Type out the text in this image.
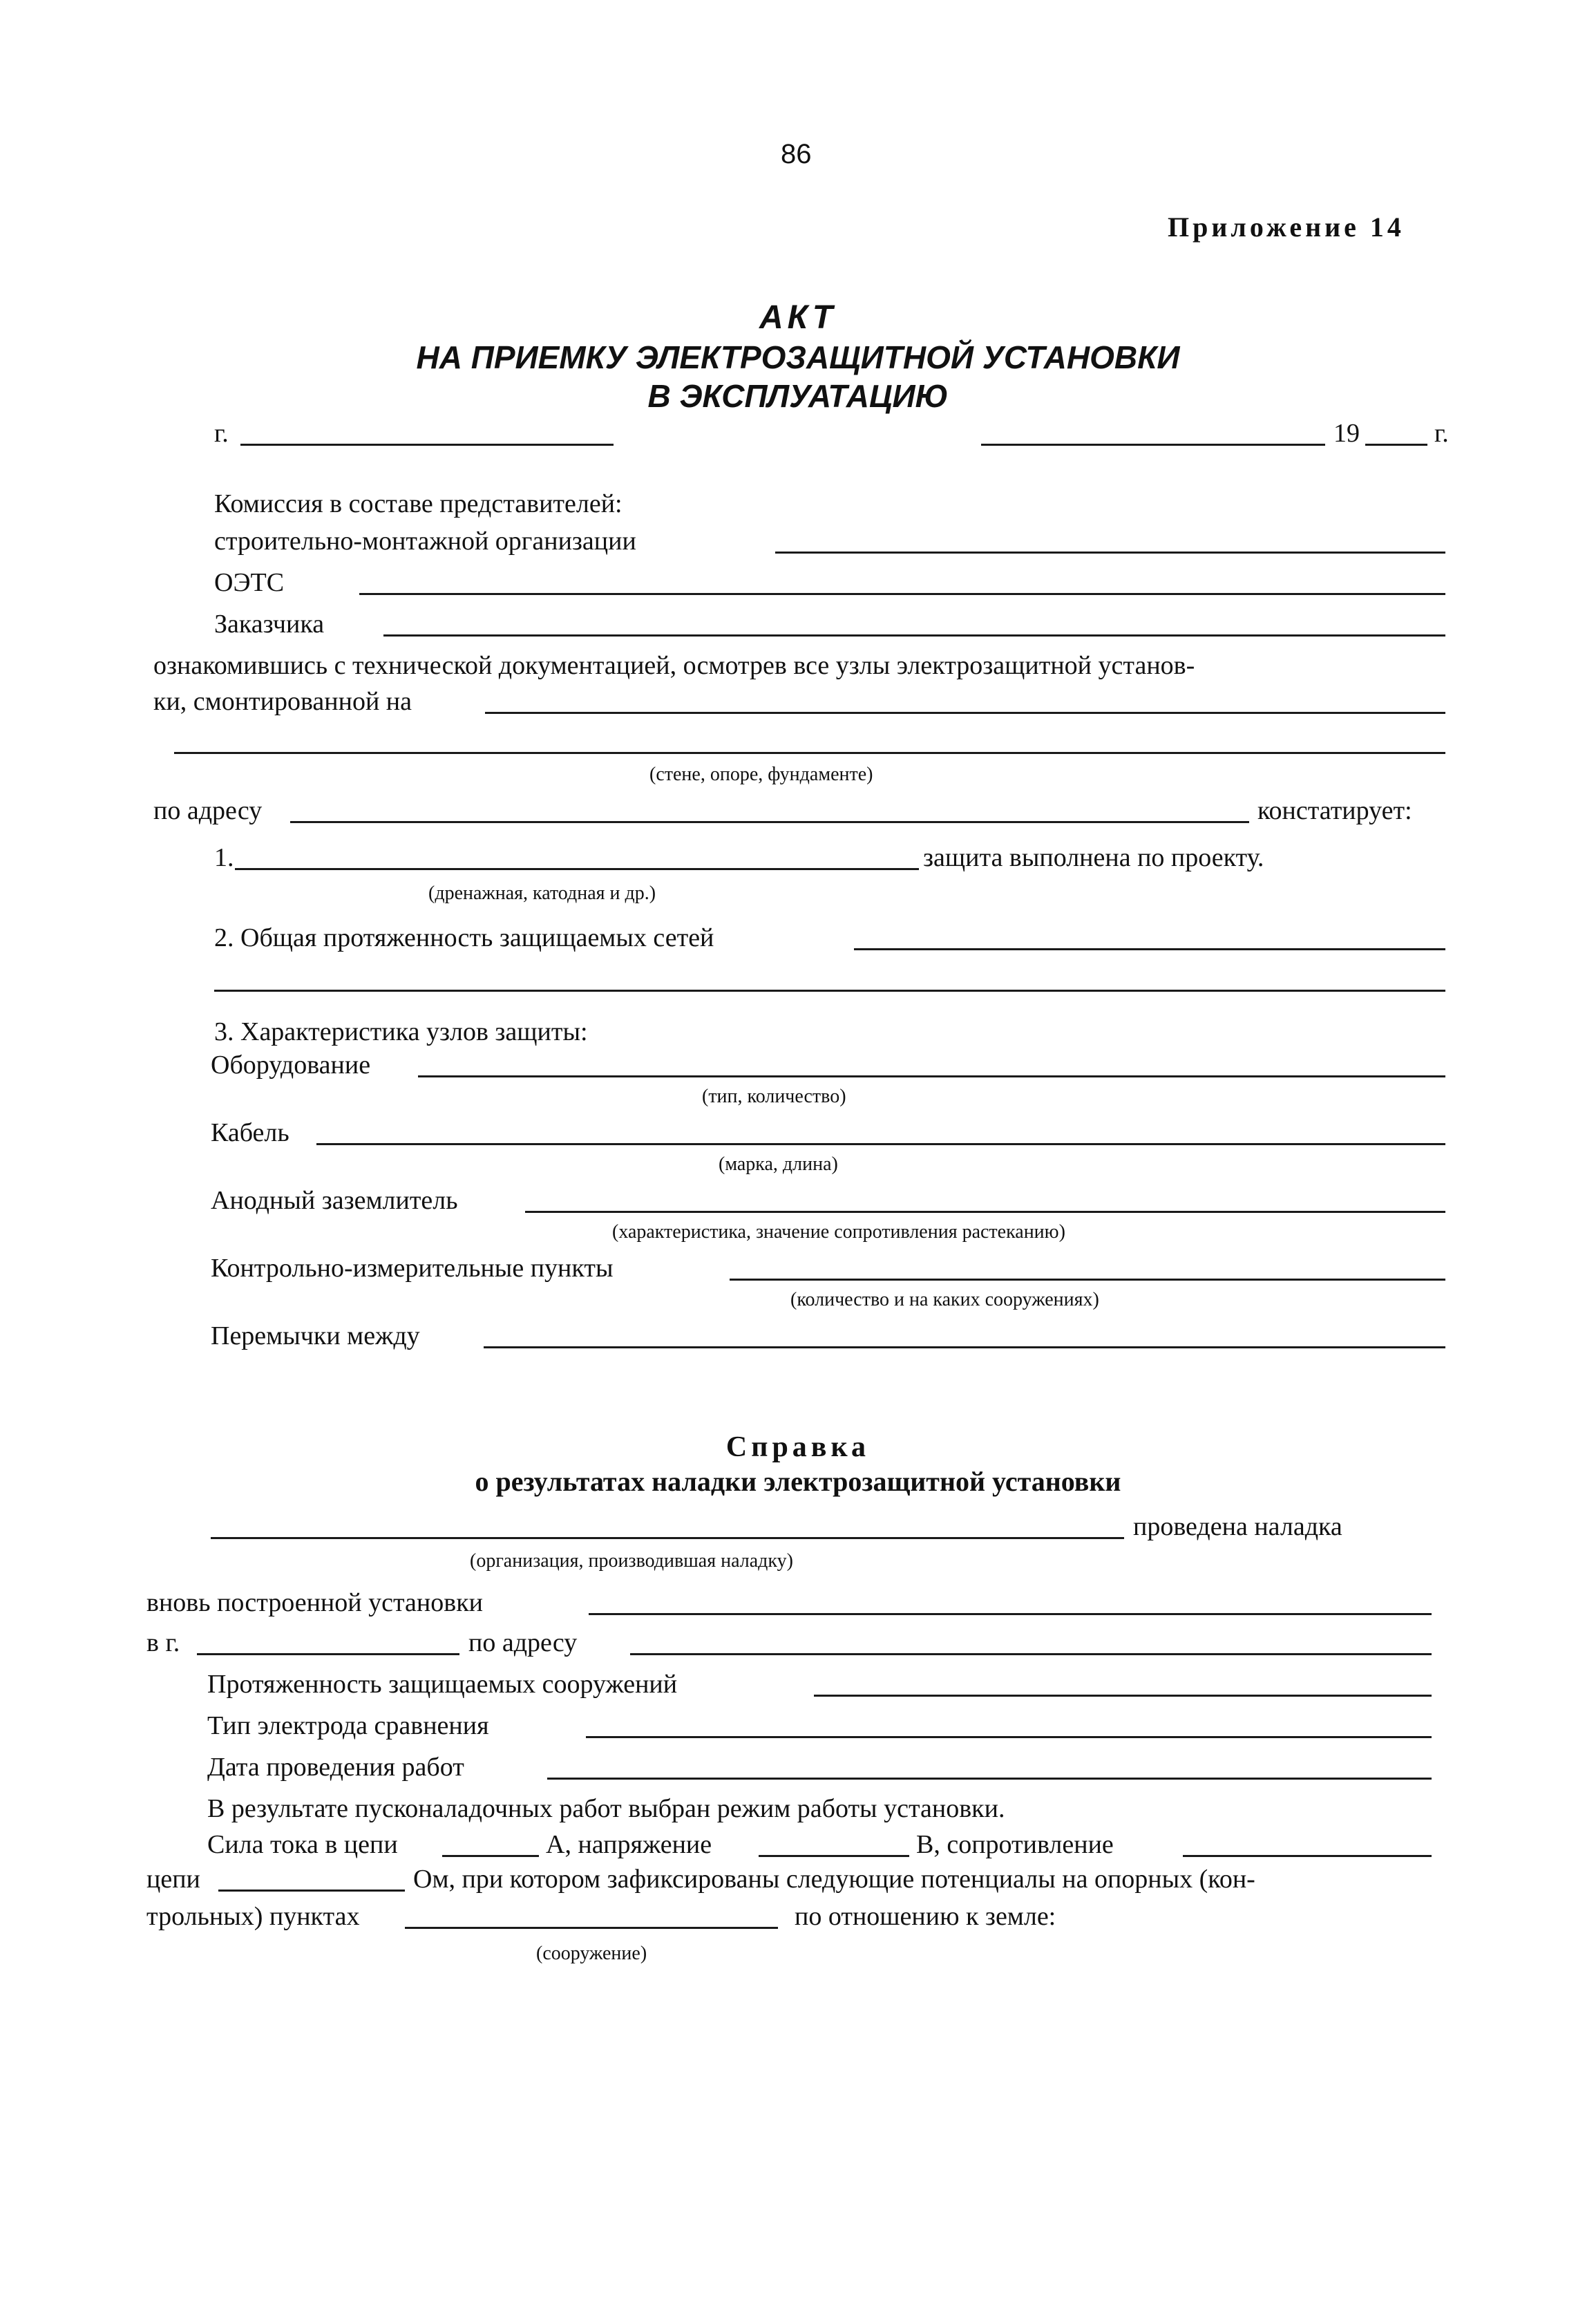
86
Приложение 14
АКТ
НА ПРИЕМКУ ЭЛЕКТРОЗАЩИТНОЙ УСТАНОВКИ
В ЭКСПЛУАТАЦИЮ
г.	19	г.
Комиссия в составе представителей:
строительно-монтажной организации
ОЭТС
Заказчика
ознакомившись с технической документацией, осмотрев все узлы электрозащитной установ-
ки, смонтированной на
(стене, опоре, фундаменте)
по адресу	констатирует:
1.	защита выполнена по проекту.
(дренажная, катодная и др.)
2. Общая протяженность защищаемых сетей
3. Характеристика узлов защиты:
Оборудование
(тип, количество)
Кабель
(марка, длина)
Анодный заземлитель
(характеристика, значение сопротивления растеканию)
Контрольно-измерительные пункты
(количество и на каких сооружениях)
Перемычки между
Справка
о результатах наладки электрозащитной установки
проведена наладка
(организация, производившая наладку)
вновь построенной установки
в г.	по адресу
Протяженность защищаемых сооружений
Тип электрода сравнения
Дата проведения работ
В результате пусконаладочных работ выбран режим работы установки.
Сила тока в цепи	А, напряжение	В, сопротивление
цепи	Ом, при котором зафиксированы следующие потенциалы на опорных (кон-
трольных) пунктах	по отношению к земле:
(сооружение)
